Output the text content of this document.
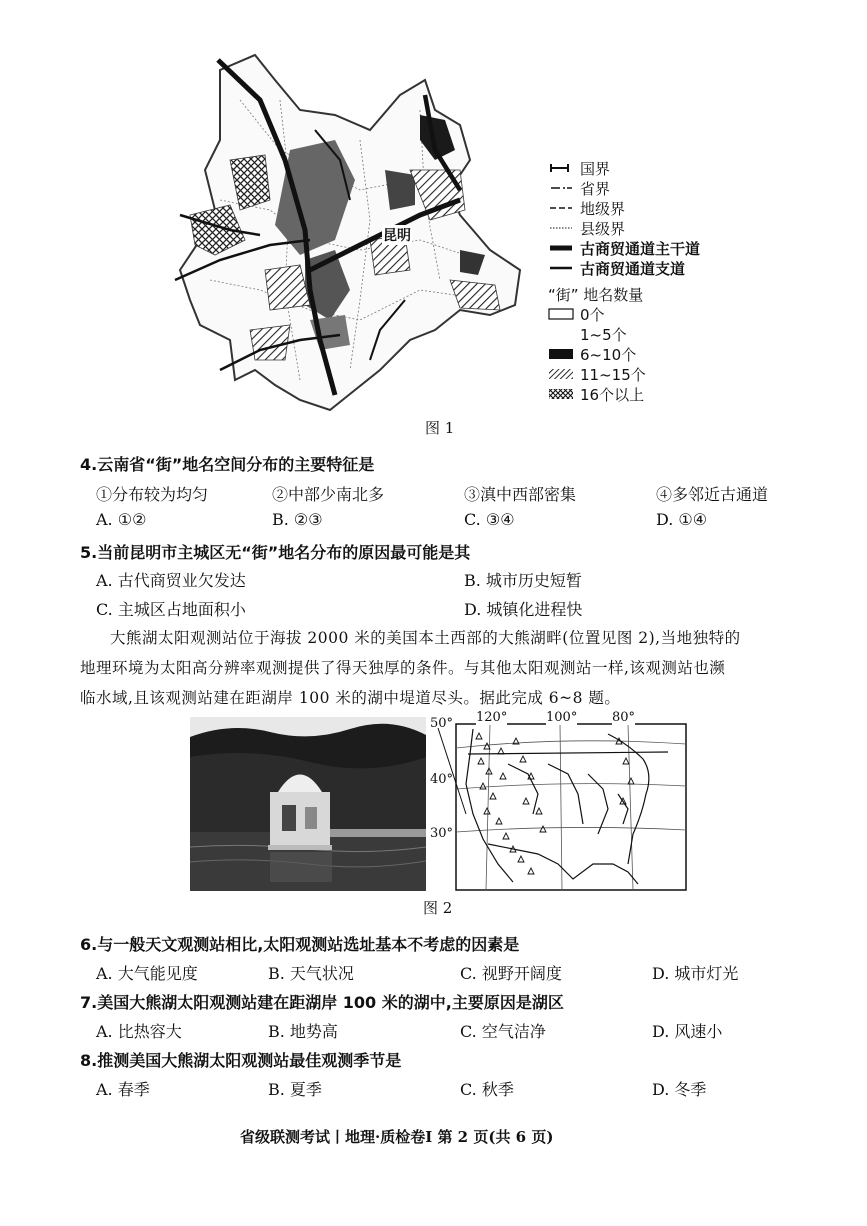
昆明
国界
省界
地级界
县级界
古商贸通道主干道
古商贸通道支道
“街” 地名数量
0个
1~5个
6~10个
11~15个
16个以上
图 1
4.云南省“街”地名空间分布的主要特征是
①分布较为均匀	②中部少南北多	③滇中西部密集	④多邻近古通道
A. ①②	B. ②③	C. ③④	D. ①④
5.当前昆明市主城区无“街”地名分布的原因最可能是其
A. 古代商贸业欠发达	B. 城市历史短暂
C. 主城区占地面积小	D. 城镇化进程快
大熊湖太阳观测站位于海拔 2000 米的美国本土西部的大熊湖畔(位置见图 2),当地独特的
地理环境为太阳高分辨率观测提供了得天独厚的条件。与其他太阳观测站一样,该观测站也濒
临水域,且该观测站建在距湖岸 100 米的湖中堤道尽头。据此完成 6~8 题。
50°
40°
30°
120°	100°	80°
图 2
6.与一般天文观测站相比,太阳观测站选址基本不考虑的因素是
A. 大气能见度	B. 天气状况	C. 视野开阔度	D. 城市灯光
7.美国大熊湖太阳观测站建在距湖岸 100 米的湖中,主要原因是湖区
A. 比热容大	B. 地势高	C. 空气洁净	D. 风速小
8.推测美国大熊湖太阳观测站最佳观测季节是
A. 春季	B. 夏季	C. 秋季	D. 冬季
省级联测考试丨地理·质检卷Ⅰ 第 2 页(共 6 页)
